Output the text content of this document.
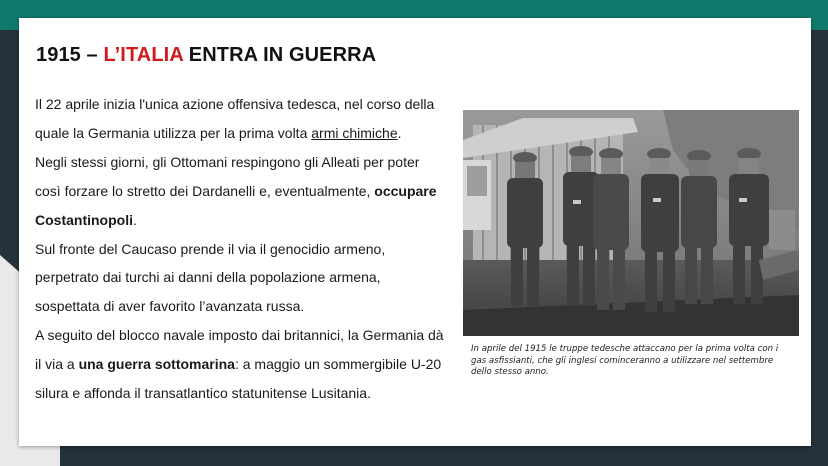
1915 – L’ITALIA ENTRA IN GUERRA

Il 22 aprile inizia l'unica azione offensiva tedesca, nel corso della quale la Germania utilizza per la prima volta armi chimiche.

Negli stessi giorni, gli Ottomani respingono gli Alleati per poter così forzare lo stretto dei Dardanelli e, eventualmente, occupare Costantinopoli.

Sul fronte del Caucaso prende il via il genocidio armeno, perpetrato dai turchi ai danni della popolazione armena, sospettata di aver favorito l’avanzata russa.

A seguito del blocco navale imposto dai britannici, la Germania dà il via a una guerra sottomarina: a maggio un sommergibile U-20 silura e affonda il transatlantico statunitense Lusitania.

In aprile del 1915 le truppe tedesche attaccano per la prima volta con i gas asfissianti, che gli inglesi cominceranno a utilizzare nel settembre dello stesso anno.
